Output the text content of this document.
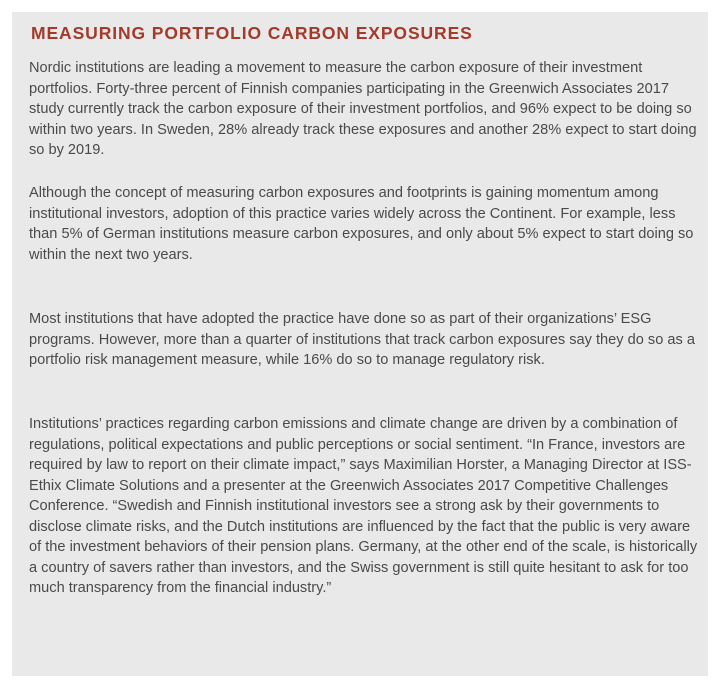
MEASURING PORTFOLIO CARBON EXPOSURES

Nordic institutions are leading a movement to measure the carbon exposure of their investment portfolios. Forty-three percent of Finnish companies participating in the Greenwich Associates 2017 study currently track the carbon exposure of their investment portfolios, and 96% expect to be doing so within two years. In Sweden, 28% already track these exposures and another 28% expect to start doing so by 2019.

Although the concept of measuring carbon exposures and footprints is gaining momentum among institutional investors, adoption of this practice varies widely across the Continent. For example, less than 5% of German institutions measure carbon exposures, and only about 5% expect to start doing so within the next two years.

Most institutions that have adopted the practice have done so as part of their organizations’ ESG programs. However, more than a quarter of institutions that track carbon exposures say they do so as a portfolio risk management measure, while 16% do so to manage regulatory risk.

Institutions’ practices regarding carbon emissions and climate change are driven by a combination of regulations, political expectations and public perceptions or social sentiment. “In France, investors are required by law to report on their climate impact,” says Maximilian Horster, a Managing Director at ISS-Ethix Climate Solutions and a presenter at the Greenwich Associates 2017 Competitive Challenges Conference. “Swedish and Finnish institutional investors see a strong ask by their governments to disclose climate risks, and the Dutch institutions are influenced by the fact that the public is very aware of the investment behaviors of their pension plans. Germany, at the other end of the scale, is historically a country of savers rather than investors, and the Swiss government is still quite hesitant to ask for too much transparency from the financial industry.”
